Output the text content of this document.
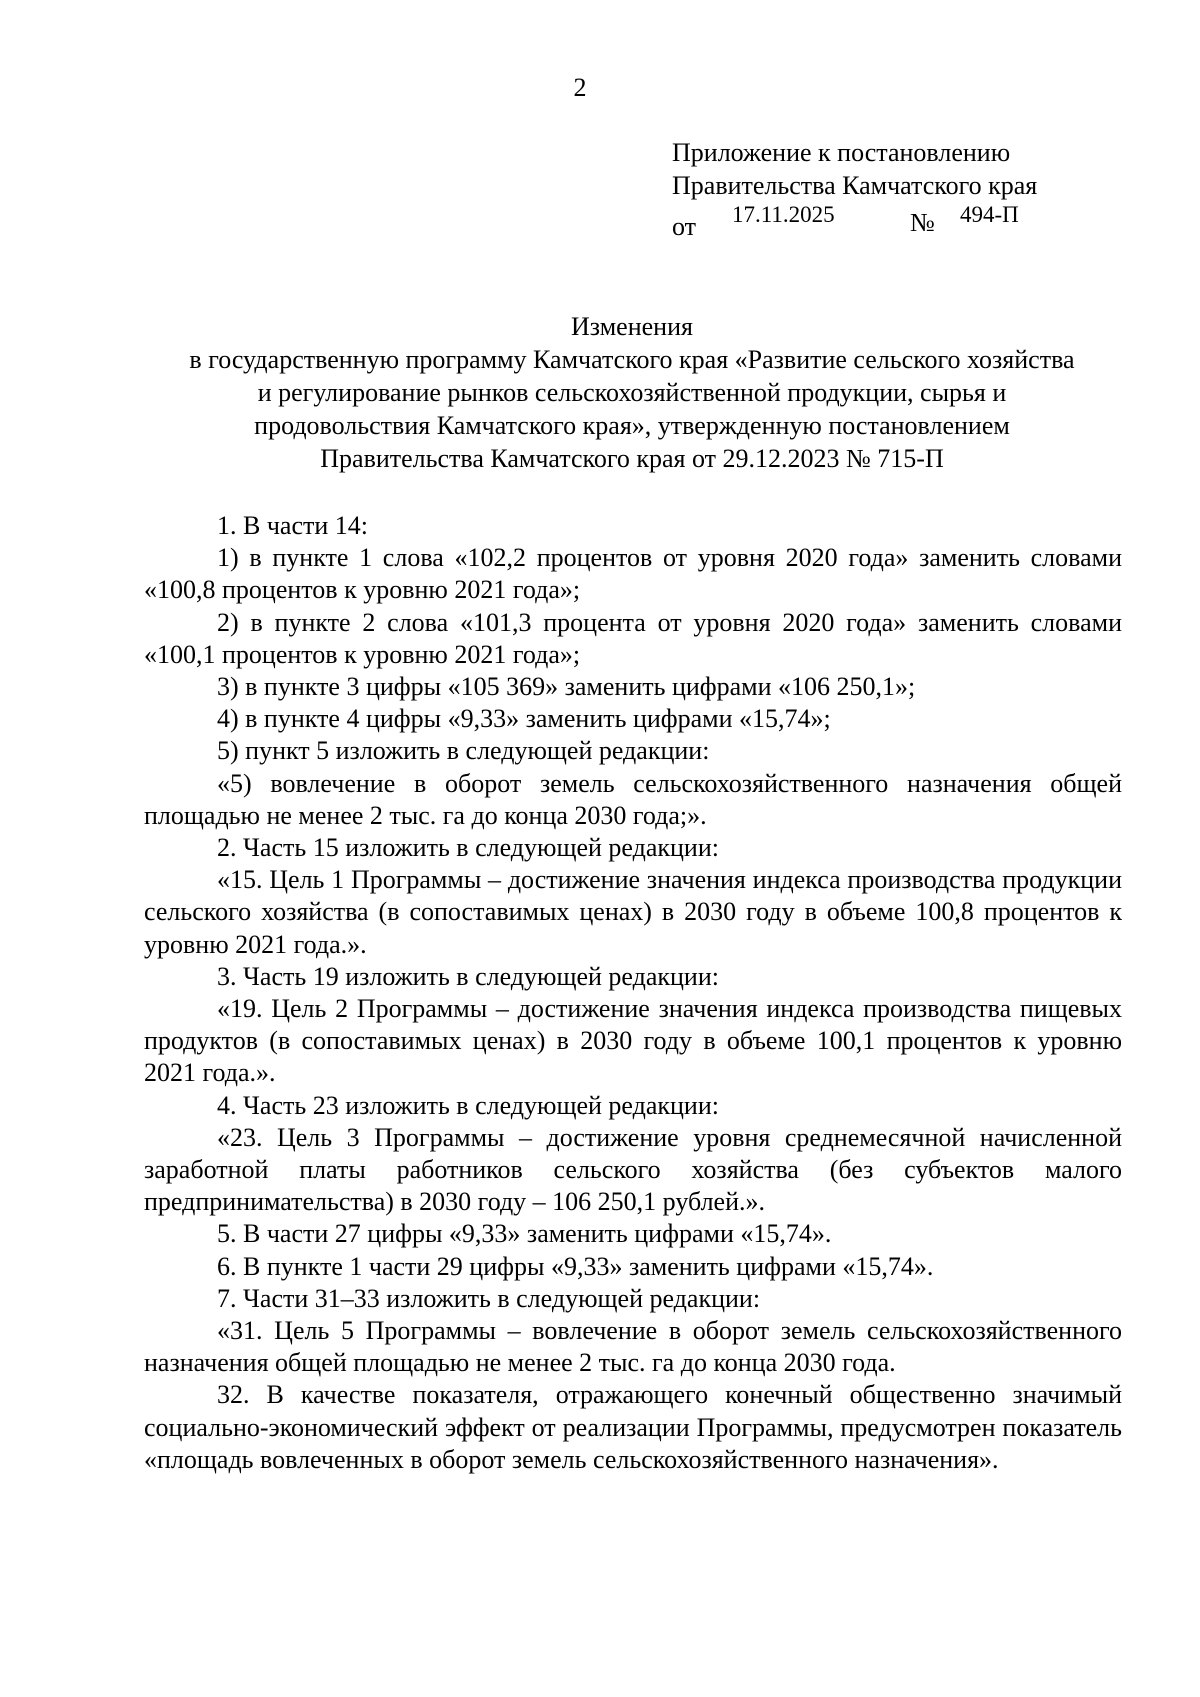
2
Приложение к постановлению
Правительства Камчатского края
от 17.11.2025	№ 494-П
Изменения
в государственную программу Камчатского края «Развитие сельского хозяйства
и регулирование рынков сельскохозяйственной продукции, сырья и
продовольствия Камчатского края», утвержденную постановлением
Правительства Камчатского края от 29.12.2023 № 715-П

1. В части 14:

1) в пункте 1 слова «102,2 процентов от уровня 2020 года» заменить словами «100,8 процентов к уровню 2021 года»;

2) в пункте 2 слова «101,3 процента от уровня 2020 года» заменить словами «100,1 процентов к уровню 2021 года»;

3) в пункте 3 цифры «105 369» заменить цифрами «106 250,1»;

4) в пункте 4 цифры «9,33» заменить цифрами «15,74»;

5) пункт 5 изложить в следующей редакции:

«5) вовлечение в оборот земель сельскохозяйственного назначения общей площадью не менее 2 тыс. га до конца 2030 года;».

2. Часть 15 изложить в следующей редакции:

«15. Цель 1 Программы – достижение значения индекса производства продукции сельского хозяйства (в сопоставимых ценах) в 2030 году в объеме 100,8 процентов к уровню 2021 года.».

3. Часть 19 изложить в следующей редакции:

«19. Цель 2 Программы – достижение значения индекса производства пищевых продуктов (в сопоставимых ценах) в 2030 году в объеме 100,1 процентов к уровню 2021 года.».

4. Часть 23 изложить в следующей редакции:

«23. Цель 3 Программы – достижение уровня среднемесячной начисленной заработной платы работников сельского хозяйства (без субъектов малого предпринимательства) в 2030 году – 106 250,1 рублей.».

5. В части 27 цифры «9,33» заменить цифрами «15,74».

6. В пункте 1 части 29 цифры «9,33» заменить цифрами «15,74».

7. Части 31–33 изложить в следующей редакции:

«31. Цель 5 Программы – вовлечение в оборот земель сельскохозяйственного назначения общей площадью не менее 2 тыс. га до конца 2030 года.

32. В качестве показателя, отражающего конечный общественно значимый социально-экономический эффект от реализации Программы, предусмотрен показатель «площадь вовлеченных в оборот земель сельскохозяйственного назначения».
